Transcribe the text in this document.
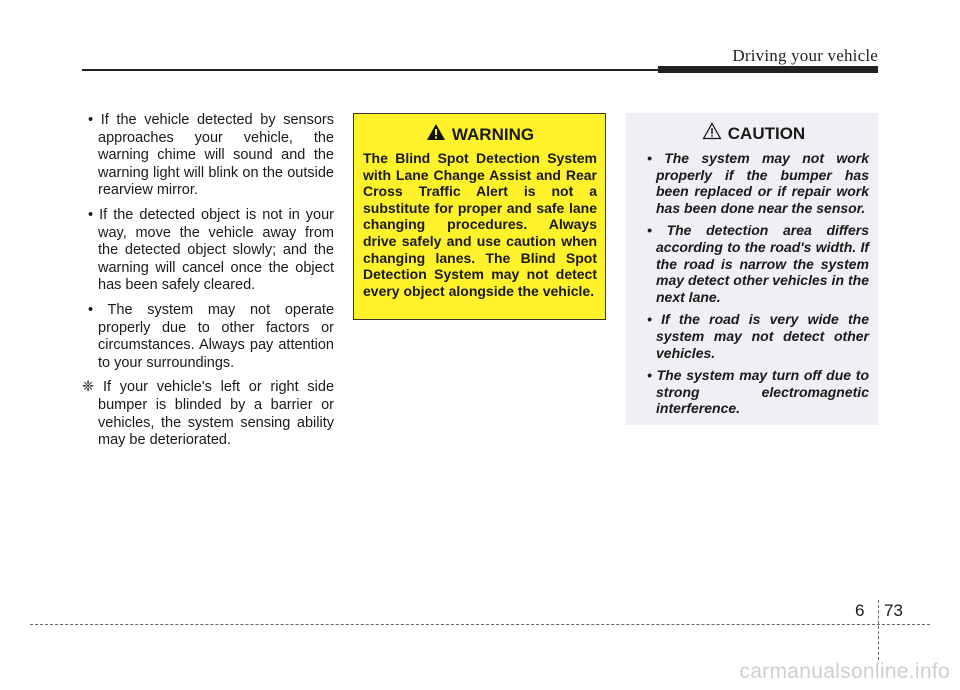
Driving your vehicle

• If the vehicle detected by sensors approaches your vehicle, the warning chime will sound and the warning light will blink on the outside rearview mirror.

• If the detected object is not in your way, move the vehicle away from the detected object slowly; and the warning will cancel once the object has been safely cleared.

• The system may not operate properly due to other factors or circumstances. Always pay attention to your surroundings.

❈ If your vehicle's left or right side bumper is blinded by a barrier or vehicles, the system sensing ability may be deteriorated.

WARNING
The Blind Spot Detection System with Lane Change Assist and Rear Cross Traffic Alert is not a substitute for proper and safe lane changing procedures. Always drive safely and use caution when changing lanes. The Blind Spot Detection System may not detect every object alongside the vehicle.
CAUTION

• The system may not work properly if the bumper has been replaced or if repair work has been done near the sensor.

• The detection area differs according to the road's width. If the road is narrow the system may detect other vehicles in the next lane.

• If the road is very wide the system may not detect other vehicles.

• The system may turn off due to strong electromagnetic interference.

6 73
carmanualsonline.info
